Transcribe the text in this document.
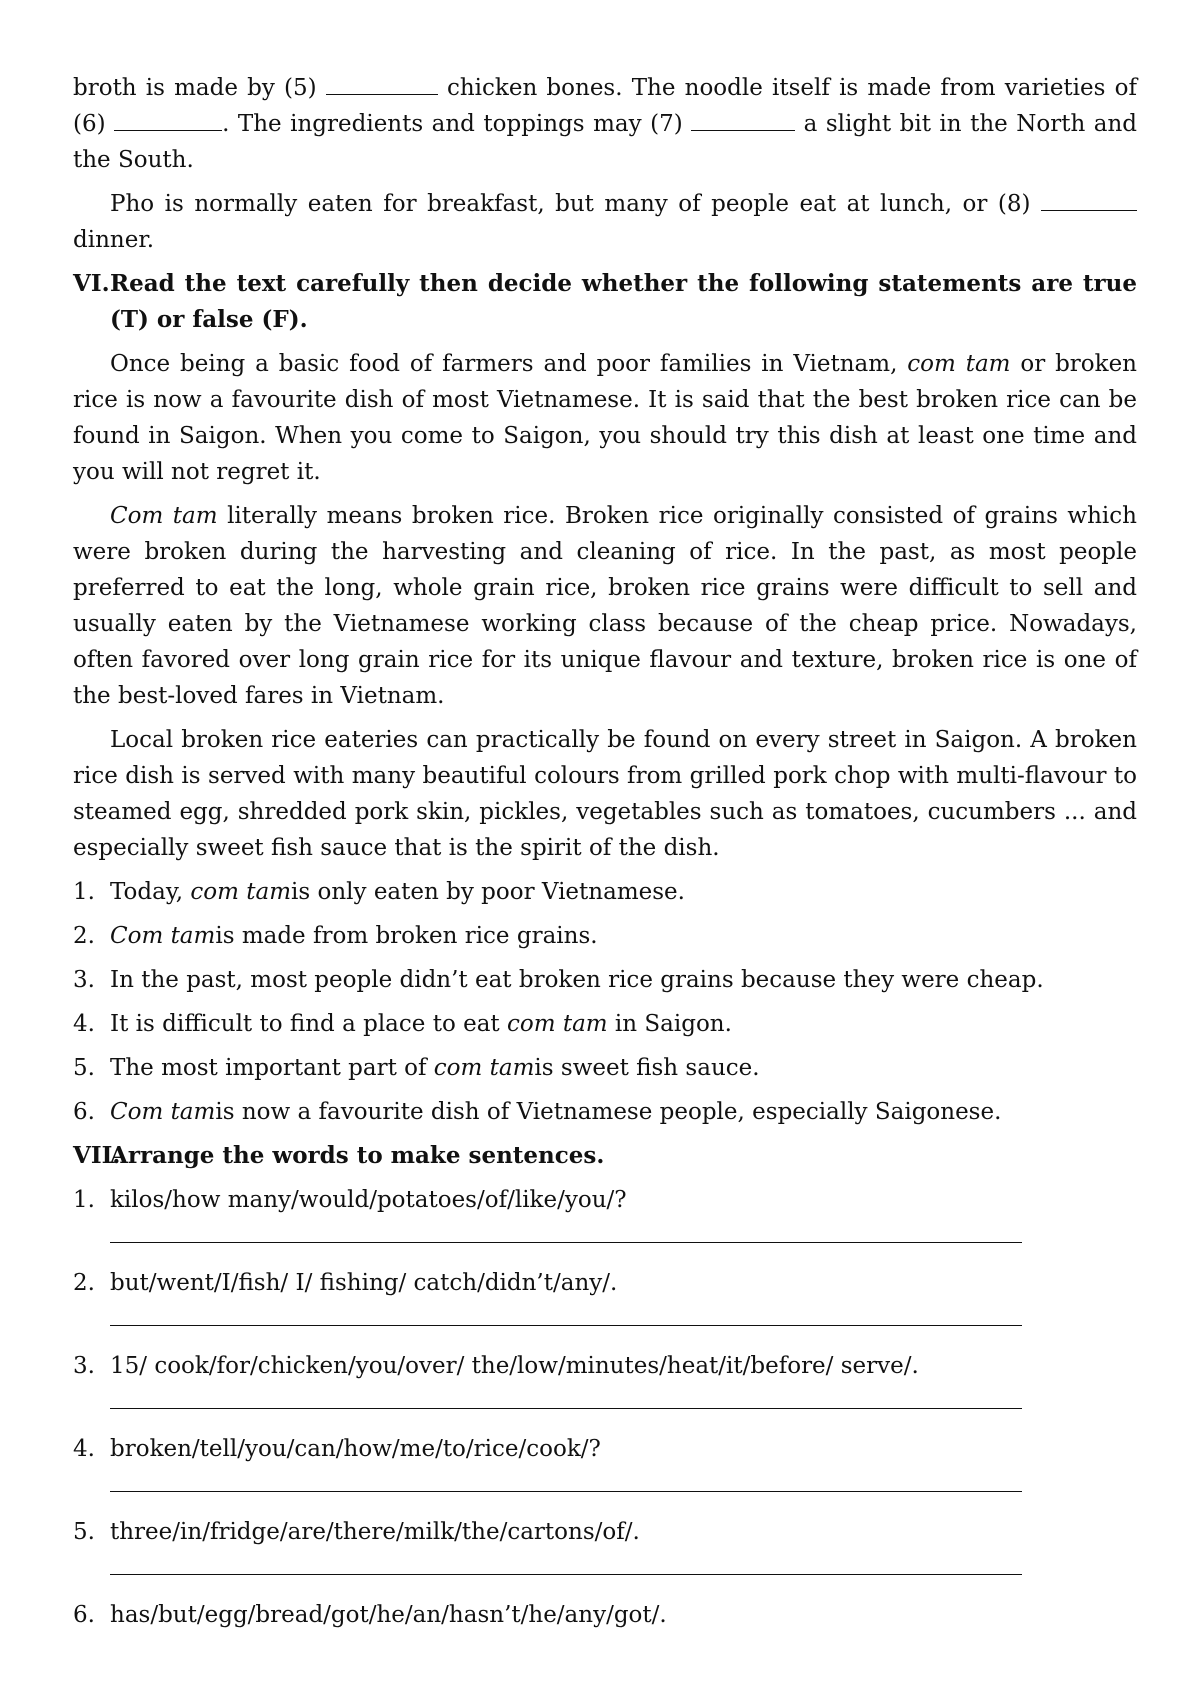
broth is made by (5)	chicken bones. The noodle itself is made from varieties of (6)	. The ingredients and toppings may (7)	a slight bit in the North and the South.

Pho is normally eaten for breakfast, but many of people eat at lunch, or (8)  dinner.

VI. Read the text carefully then decide whether the following statements are true (T) or false (F).

Once being a basic food of farmers and poor families in Vietnam, com tam or broken rice is now a favourite dish of most Vietnamese. It is said that the best broken rice can be found in Saigon. When you come to Saigon, you should try this dish at least one time and you will not regret it.

Com tam literally means broken rice. Broken rice originally consisted of grains which were broken during the harvesting and cleaning of rice. In the past, as most people preferred to eat the long, whole grain rice, broken rice grains were difficult to sell and usually eaten by the Vietnamese working class because of the cheap price. Nowadays, often favored over long grain rice for its unique flavour and texture, broken rice is one of the best-loved fares in Vietnam.

Local broken rice eateries can practically be found on every street in Saigon. A broken rice dish is served with many beautiful colours from grilled pork chop with multi-flavour to steamed egg, shredded pork skin, pickles, vegetables such as tomatoes, cucumbers ... and especially sweet fish sauce that is the spirit of the dish.

1. Today, com tamis only eaten by poor Vietnamese.
2. Com tamis made from broken rice grains.
3. In the past, most people didn’t eat broken rice grains because they were cheap.
4. It is difficult to find a place to eat com tam in Saigon.
5. The most important part of com tamis sweet fish sauce.
6. Com tamis now a favourite dish of Vietnamese people, especially Saigonese.
VII.
Arrange the words to make sentences.
1. kilos/how many/would/potatoes/of/like/you/?
2. but/went/I/fish/ I/ fishing/ catch/didn’t/any/.
3. 15/ cook/for/chicken/you/over/ the/low/minutes/heat/it/before/ serve/.
4. broken/tell/you/can/how/me/to/rice/cook/?
5. three/in/fridge/are/there/milk/the/cartons/of/.
6. has/but/egg/bread/got/he/an/hasn’t/he/any/got/.
